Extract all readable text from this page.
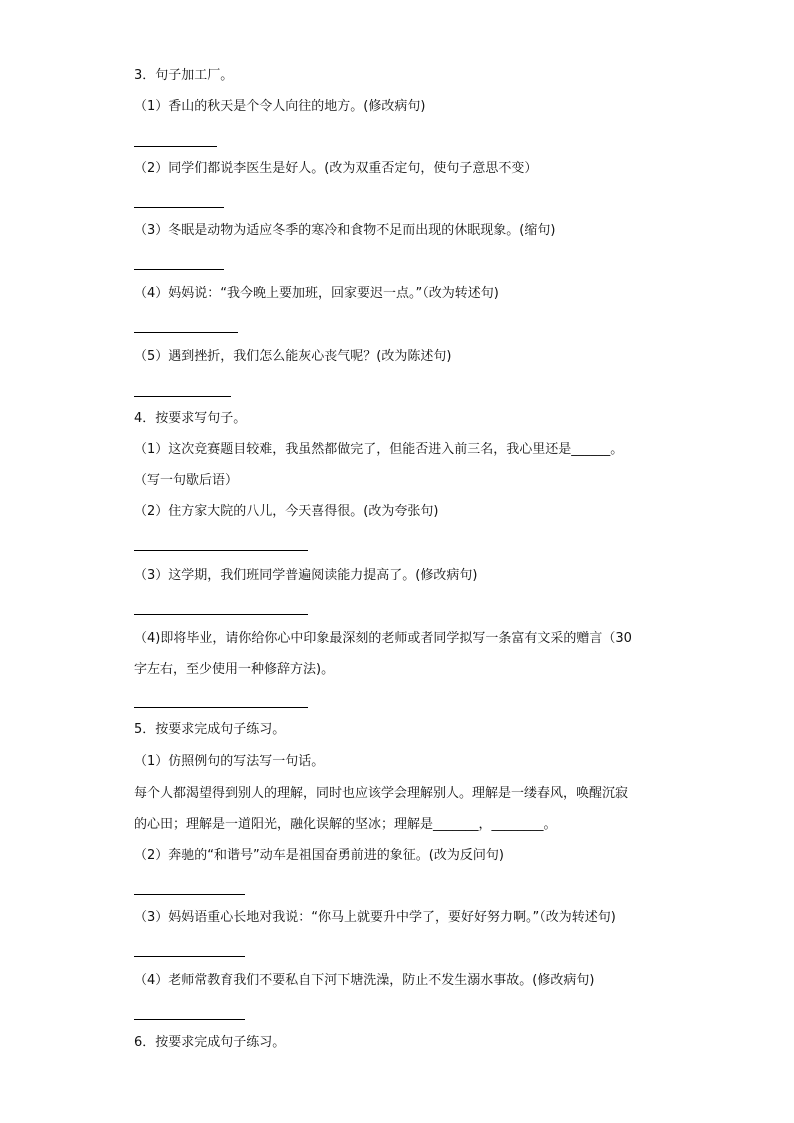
3．句子加工厂。
（1）香山的秋天是个令人向往的地方。(修改病句)
（2）同学们都说李医生是好人。(改为双重否定句，使句子意思不变）
（3）冬眠是动物为适应冬季的寒冷和食物不足而出现的休眠现象。(缩句)
（4）妈妈说：“我今晚上要加班，回家要迟一点。”（改为转述句)
（5）遇到挫折，我们怎么能灰心丧气呢？(改为陈述句)
4．按要求写句子。
（1）这次竞赛题目较难，我虽然都做完了，但能否进入前三名，我心里还是______。
（写一句歇后语）
（2）住方家大院的八儿，今天喜得很。(改为夸张句)
（3）这学期，我们班同学普遍阅读能力提高了。(修改病句)
（4)即将毕业，请你给你心中印象最深刻的老师或者同学拟写一条富有文采的赠言（30
字左右，至少使用一种修辞方法)。
5．按要求完成句子练习。
（1）仿照例句的写法写一句话。
每个人都渴望得到别人的理解，同时也应该学会理解别人。理解是一缕春风，唤醒沉寂
的心田；理解是一道阳光，融化误解的坚冰；理解是_______，________。
（2）奔驰的“和谐号”动车是祖国奋勇前进的象征。(改为反问句)
（3）妈妈语重心长地对我说：“你马上就要升中学了，要好好努力啊。”（改为转述句)
（4）老师常教育我们不要私自下河下塘洗澡，防止不发生溺水事故。(修改病句)
6．按要求完成句子练习。
